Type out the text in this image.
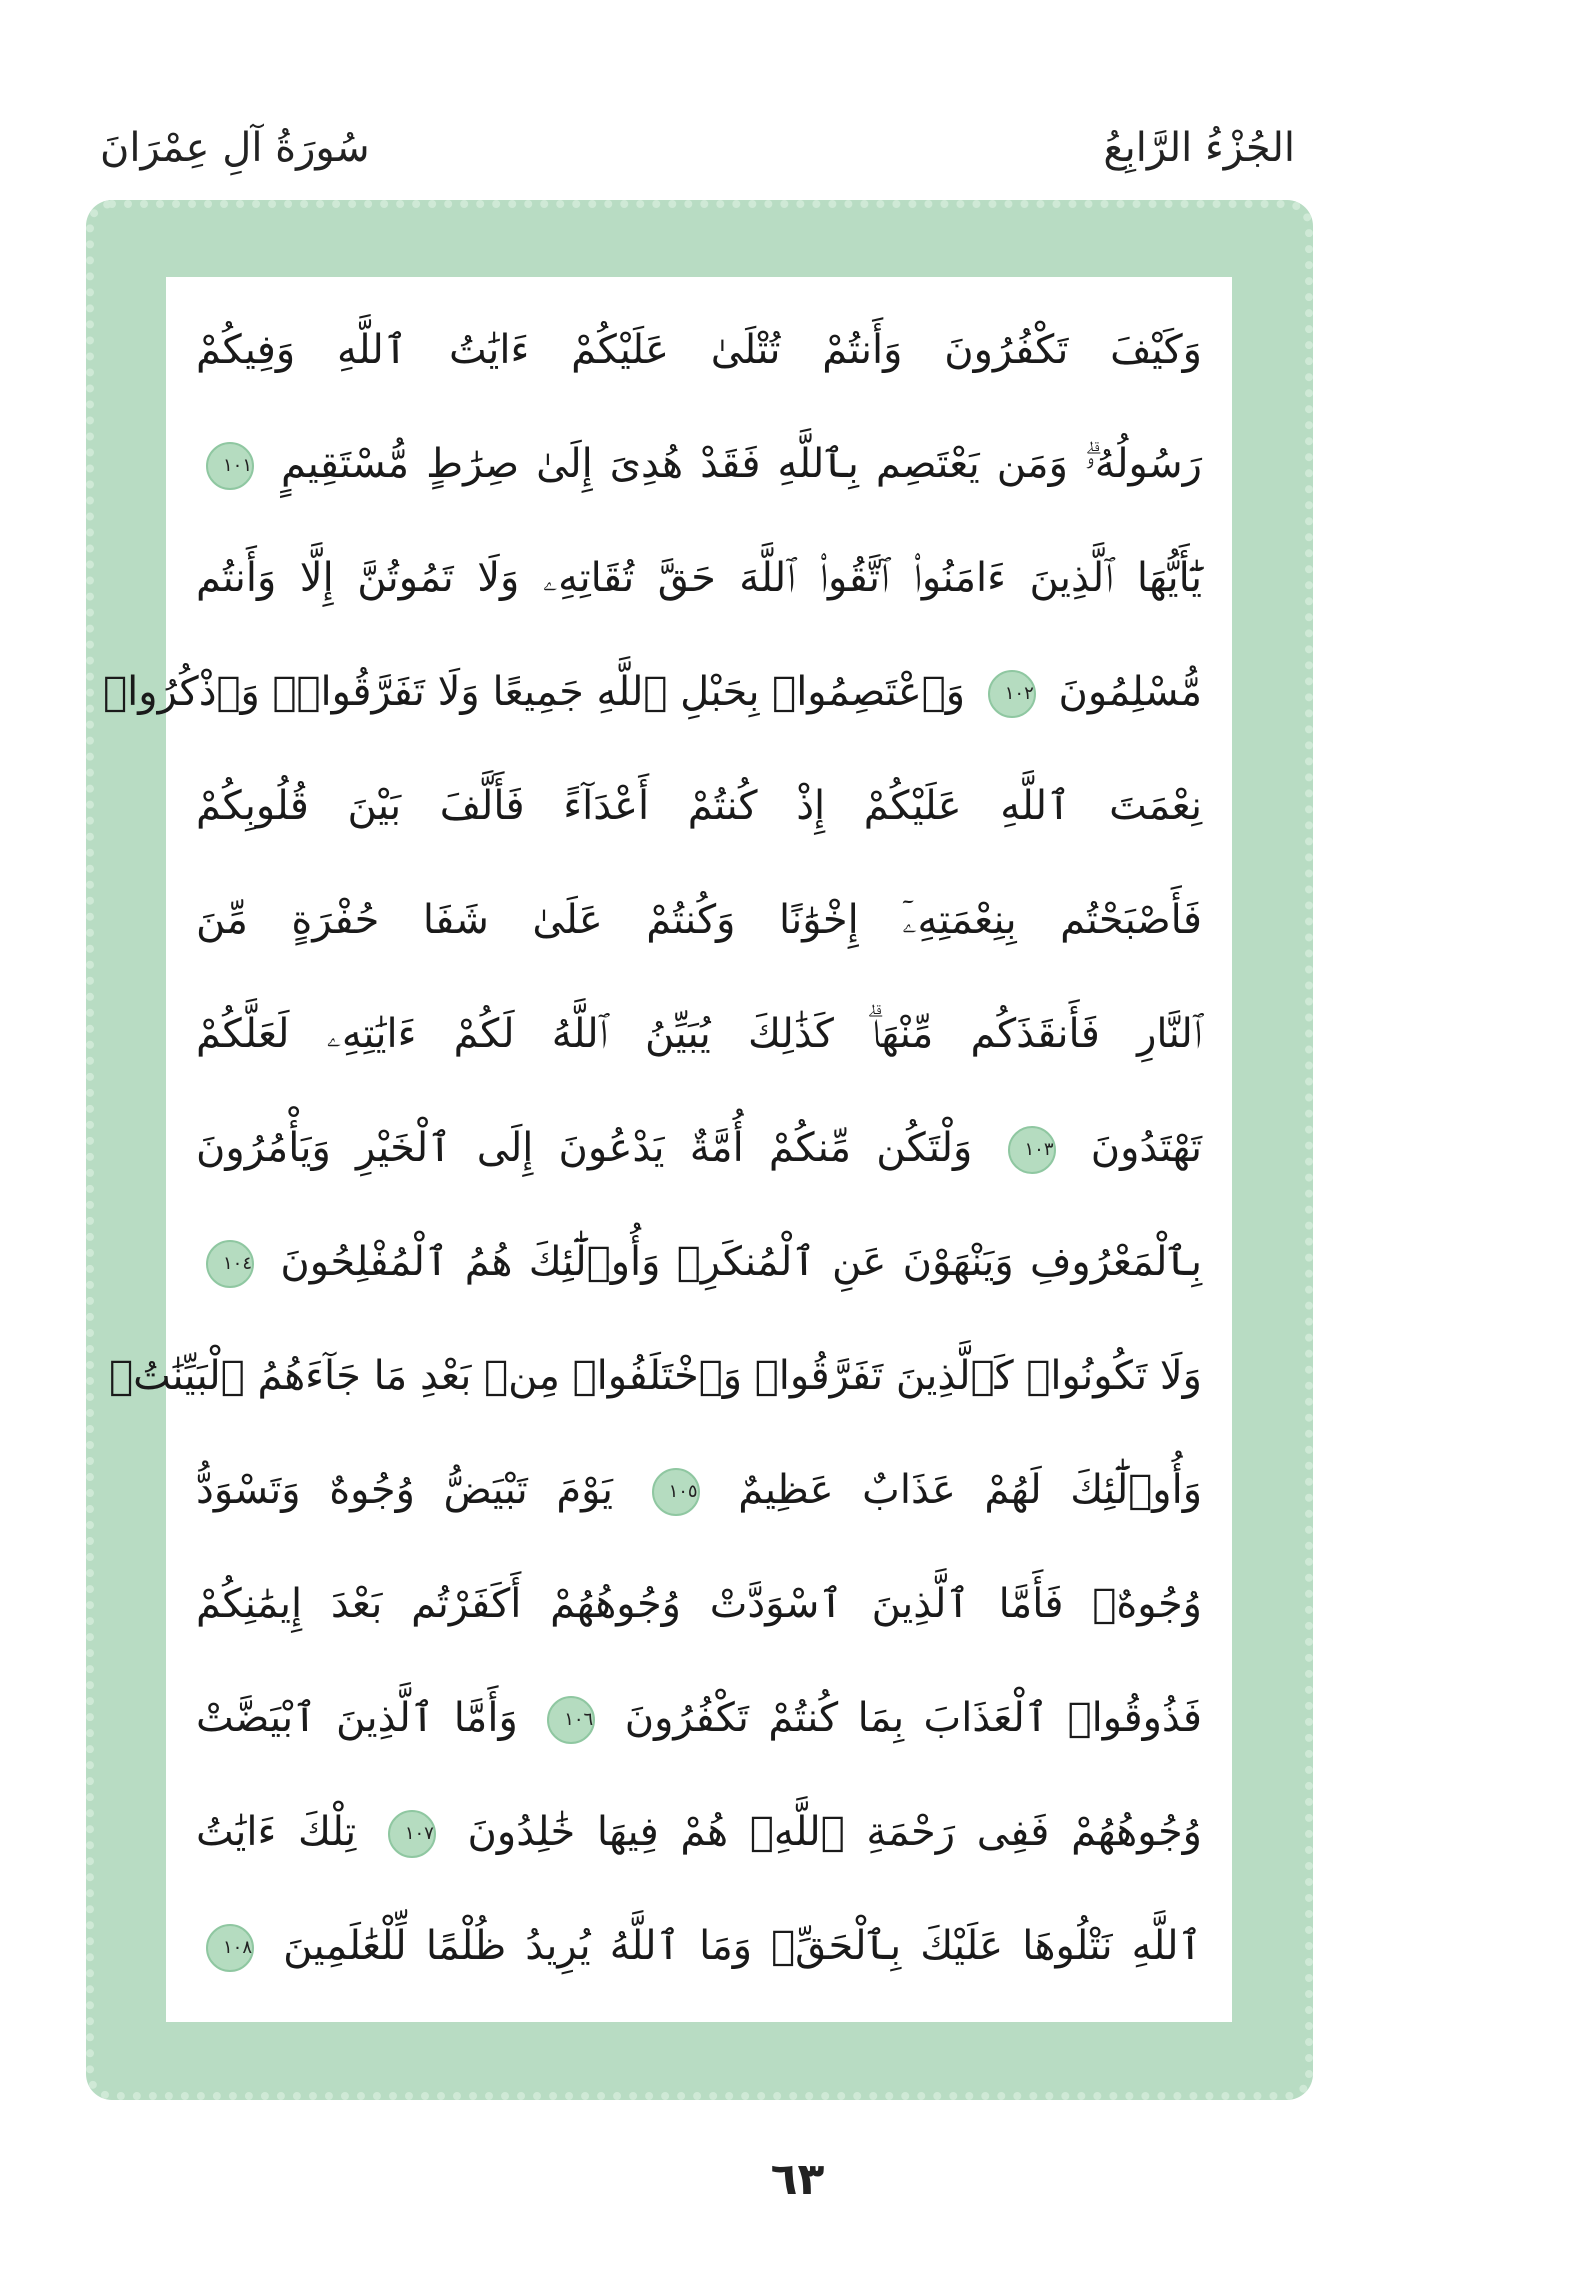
الجُزْءُ الرَّابِعُ
سُورَةُ آلِ عِمْرَانَ
وَكَيْفَ تَكْفُرُونَ وَأَنتُمْ تُتْلَىٰ عَلَيْكُمْ ءَايَٰتُ ٱللَّهِ وَفِيكُمْ
رَسُولُهُۥۗ وَمَن يَعْتَصِم بِٱللَّهِ فَقَدْ هُدِىَ إِلَىٰ صِرَٰطٍ مُّسْتَقِيمٍ ١٠١
يَٰٓأَيُّهَا ٱلَّذِينَ ءَامَنُوا۟ ٱتَّقُوا۟ ٱللَّهَ حَقَّ تُقَاتِهِۦ وَلَا تَمُوتُنَّ إِلَّا وَأَنتُم
مُّسْلِمُونَ ١٠٢ وَٱعْتَصِمُوا۟ بِحَبْلِ ٱللَّهِ جَمِيعًا وَلَا تَفَرَّقُوا۟ۚ وَٱذْكُرُوا۟
نِعْمَتَ ٱللَّهِ عَلَيْكُمْ إِذْ كُنتُمْ أَعْدَآءً فَأَلَّفَ بَيْنَ قُلُوبِكُمْ
فَأَصْبَحْتُم بِنِعْمَتِهِۦٓ إِخْوَٰنًا وَكُنتُمْ عَلَىٰ شَفَا حُفْرَةٍ مِّنَ
ٱلنَّارِ فَأَنقَذَكُم مِّنْهَاۗ كَذَٰلِكَ يُبَيِّنُ ٱللَّهُ لَكُمْ ءَايَٰتِهِۦ لَعَلَّكُمْ
تَهْتَدُونَ ١٠٣ وَلْتَكُن مِّنكُمْ أُمَّةٌ يَدْعُونَ إِلَى ٱلْخَيْرِ وَيَأْمُرُونَ
بِٱلْمَعْرُوفِ وَيَنْهَوْنَ عَنِ ٱلْمُنكَرِۚ وَأُو۟لَٰٓئِكَ هُمُ ٱلْمُفْلِحُونَ ١٠٤
وَلَا تَكُونُوا۟ كَٱلَّذِينَ تَفَرَّقُوا۟ وَٱخْتَلَفُوا۟ مِنۢ بَعْدِ مَا جَآءَهُمُ ٱلْبَيِّنَٰتُۚ
وَأُو۟لَٰٓئِكَ لَهُمْ عَذَابٌ عَظِيمٌ ١٠٥ يَوْمَ تَبْيَضُّ وُجُوهٌ وَتَسْوَدُّ
وُجُوهٌۚ فَأَمَّا ٱلَّذِينَ ٱسْوَدَّتْ وُجُوهُهُمْ أَكَفَرْتُم بَعْدَ إِيمَٰنِكُمْ
فَذُوقُوا۟ ٱلْعَذَابَ بِمَا كُنتُمْ تَكْفُرُونَ ١٠٦ وَأَمَّا ٱلَّذِينَ ٱبْيَضَّتْ
وُجُوهُهُمْ فَفِى رَحْمَةِ ٱللَّهِۖ هُمْ فِيهَا خَٰلِدُونَ ١٠٧ تِلْكَ ءَايَٰتُ
ٱللَّهِ نَتْلُوهَا عَلَيْكَ بِٱلْحَقِّۗ وَمَا ٱللَّهُ يُرِيدُ ظُلْمًا لِّلْعَٰلَمِينَ ١٠٨
٦٣
